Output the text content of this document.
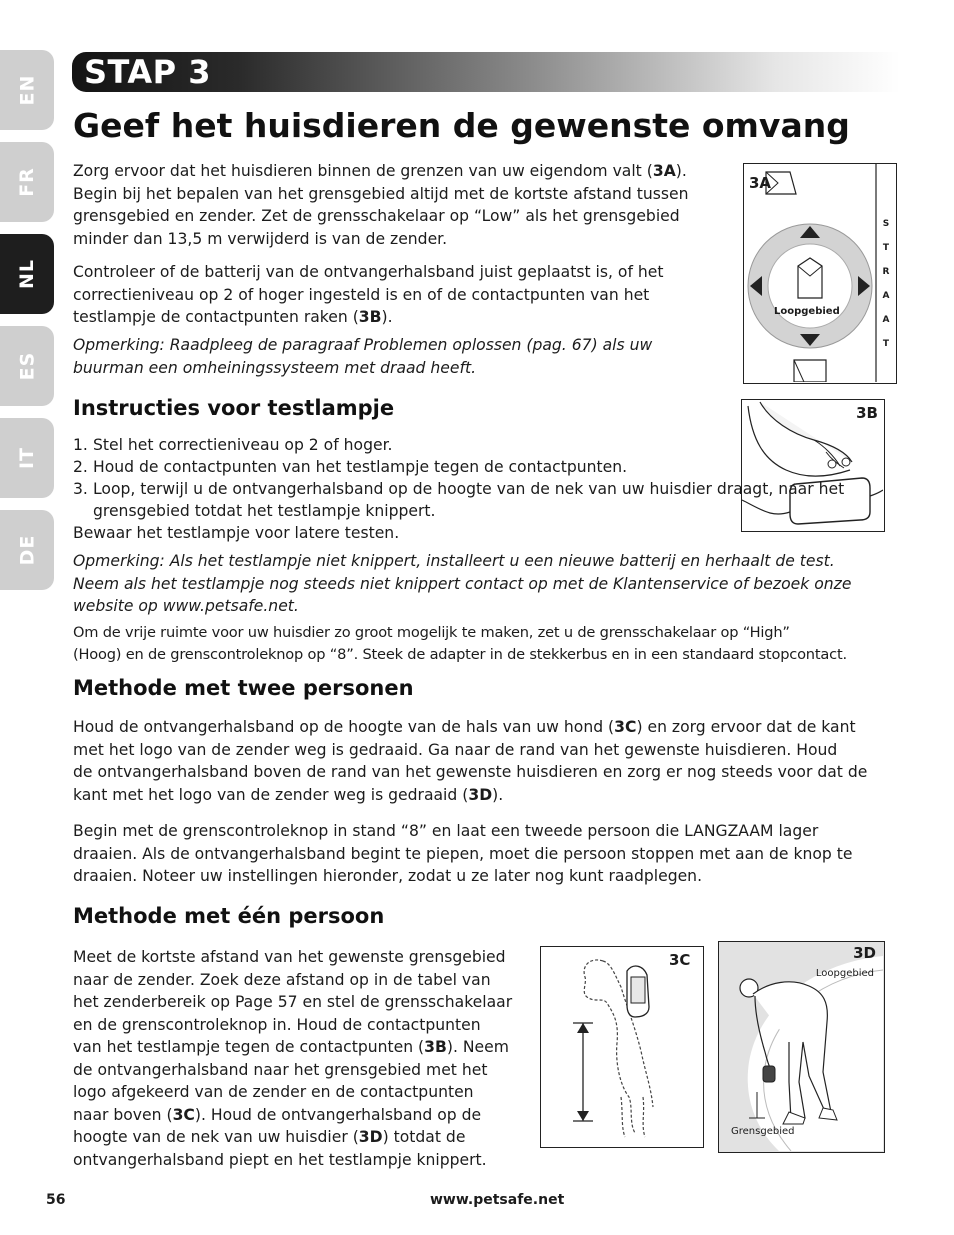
EN
FR
NL
ES
IT
DE
STAP 3
Geef het huisdieren de gewenste omvang

Zorg ervoor dat het huisdieren binnen de grenzen van uw eigendom valt (3A).
Begin bij het bepalen van het grensgebied altijd met de kortste afstand tussen
grensgebied en zender. Zet de grensschakelaar op “Low” als het grensgebied
minder dan 13,5 m verwijderd is van de zender.

Controleer of de batterij van de ontvangerhalsband juist geplaatst is, of het
correctieniveau op 2 of hoger ingesteld is en of de contactpunten van het
testlampje de contactpunten raken (3B).

Opmerking: Raadpleeg de paragraaf Problemen oplossen (pag. 67) als uw
buurman een omheiningssysteem met draad heeft.

3A
Loopgebied
S
T
R
A
A
T
Instructies voor testlampje	3B
1. Stel het correctieniveau op 2 of hoger.
2. Houd de contactpunten van het testlampje tegen de contactpunten.
3. Loop, terwijl u de ontvangerhalsband op de hoogte van de nek van uw huisdier draagt, naar het
grensgebied totdat het testlampje knippert.

Bewaar het testlampje voor latere testen.

Opmerking: Als het testlampje niet knippert, installeert u een nieuwe batterij en herhaalt de test.
Neem als het testlampje nog steeds niet knippert contact op met de Klantenservice of bezoek onze
website op www.petsafe.net.

Om de vrije ruimte voor uw huisdier zo groot mogelijk te maken, zet u de grensschakelaar op “High”
(Hoog) en de grenscontroleknop op “8”. Steek de adapter in de stekkerbus en in een standaard stopcontact.

Methode met twee personen

Houd de ontvangerhalsband op de hoogte van de hals van uw hond (3C) en zorg ervoor dat de kant
met het logo van de zender weg is gedraaid. Ga naar de rand van het gewenste huisdieren. Houd
de ontvangerhalsband boven de rand van het gewenste huisdieren en zorg er nog steeds voor dat de
kant met het logo van de zender weg is gedraaid (3D).

Begin met de grenscontroleknop in stand “8” en laat een tweede persoon die LANGZAAM lager
draaien. Als de ontvangerhalsband begint te piepen, moet die persoon stoppen met aan de knop te
draaien. Noteer uw instellingen hieronder, zodat u ze later nog kunt raadplegen.

Methode met één persoon

Meet de kortste afstand van het gewenste grensgebied
naar de zender. Zoek deze afstand op in de tabel van
het zenderbereik op Page 57 en stel de grensschakelaar
en de grenscontroleknop in. Houd de contactpunten
van het testlampje tegen de contactpunten (3B). Neem
de ontvangerhalsband naar het grensgebied met het
logo afgekeerd van de zender en de contactpunten
naar boven (3C). Houd de ontvangerhalsband op de
hoogte van de nek van uw huisdier (3D) totdat de
ontvangerhalsband piept en het testlampje knippert.

3C	3D
Loopgebied
Grensgebied
56	www.petsafe.net
